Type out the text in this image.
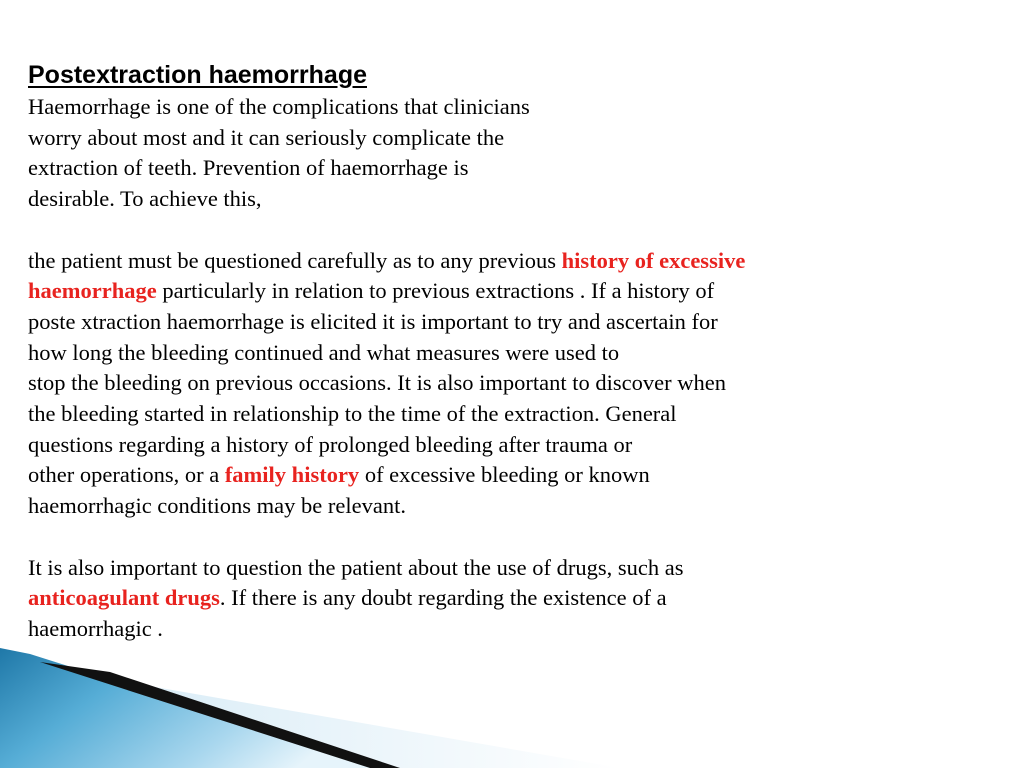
Postextraction haemorrhage
Haemorrhage is one of the complications that clinicians
worry about most and it can seriously complicate the
extraction of teeth. Prevention of haemorrhage is
desirable. To achieve this,
the patient must be questioned carefully as to any previous history of excessive
haemorrhage particularly in relation to previous extractions . If a history of
poste xtraction haemorrhage is elicited it is important to try and ascertain for
how long the bleeding continued and what measures were used to
stop the bleeding on previous occasions. It is also important to discover when
the bleeding started in relationship to the time of the extraction. General
questions regarding a history of prolonged bleeding after trauma or
other operations, or a family history of excessive bleeding or known
haemorrhagic conditions may be relevant.
It is also important to question the patient about the use of drugs, such as
anticoagulant drugs. If there is any doubt regarding the existence of a
haemorrhagic .
